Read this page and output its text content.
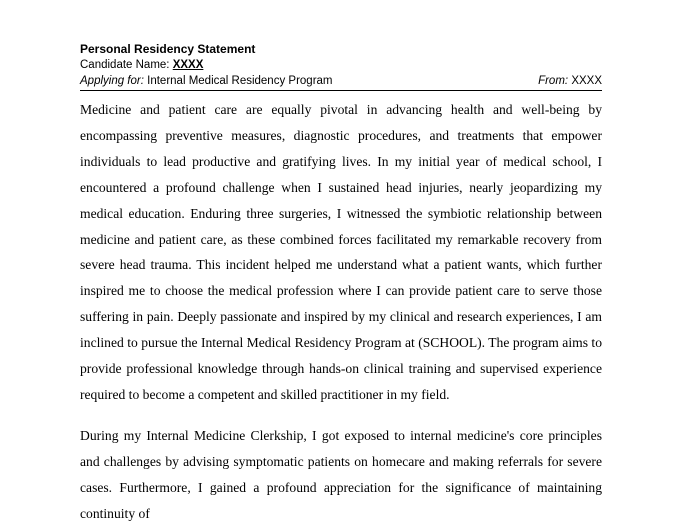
Personal Residency Statement
Candidate Name: XXXX
Applying for: Internal Medical Residency Program	From: XXXX

Medicine and patient care are equally pivotal in advancing health and well-being by encompassing preventive measures, diagnostic procedures, and treatments that empower individuals to lead productive and gratifying lives. In my initial year of medical school, I encountered a profound challenge when I sustained head injuries, nearly jeopardizing my medical education. Enduring three surgeries, I witnessed the symbiotic relationship between medicine and patient care, as these combined forces facilitated my remarkable recovery from severe head trauma. This incident helped me understand what a patient wants, which further inspired me to choose the medical profession where I can provide patient care to serve those suffering in pain. Deeply passionate and inspired by my clinical and research experiences, I am inclined to pursue the Internal Medical Residency Program at (SCHOOL). The program aims to provide professional knowledge through hands-on clinical training and supervised experience required to become a competent and skilled practitioner in my field.

During my Internal Medicine Clerkship, I got exposed to internal medicine's core principles and challenges by advising symptomatic patients on homecare and making referrals for severe cases. Furthermore, I gained a profound appreciation for the significance of maintaining continuity of
